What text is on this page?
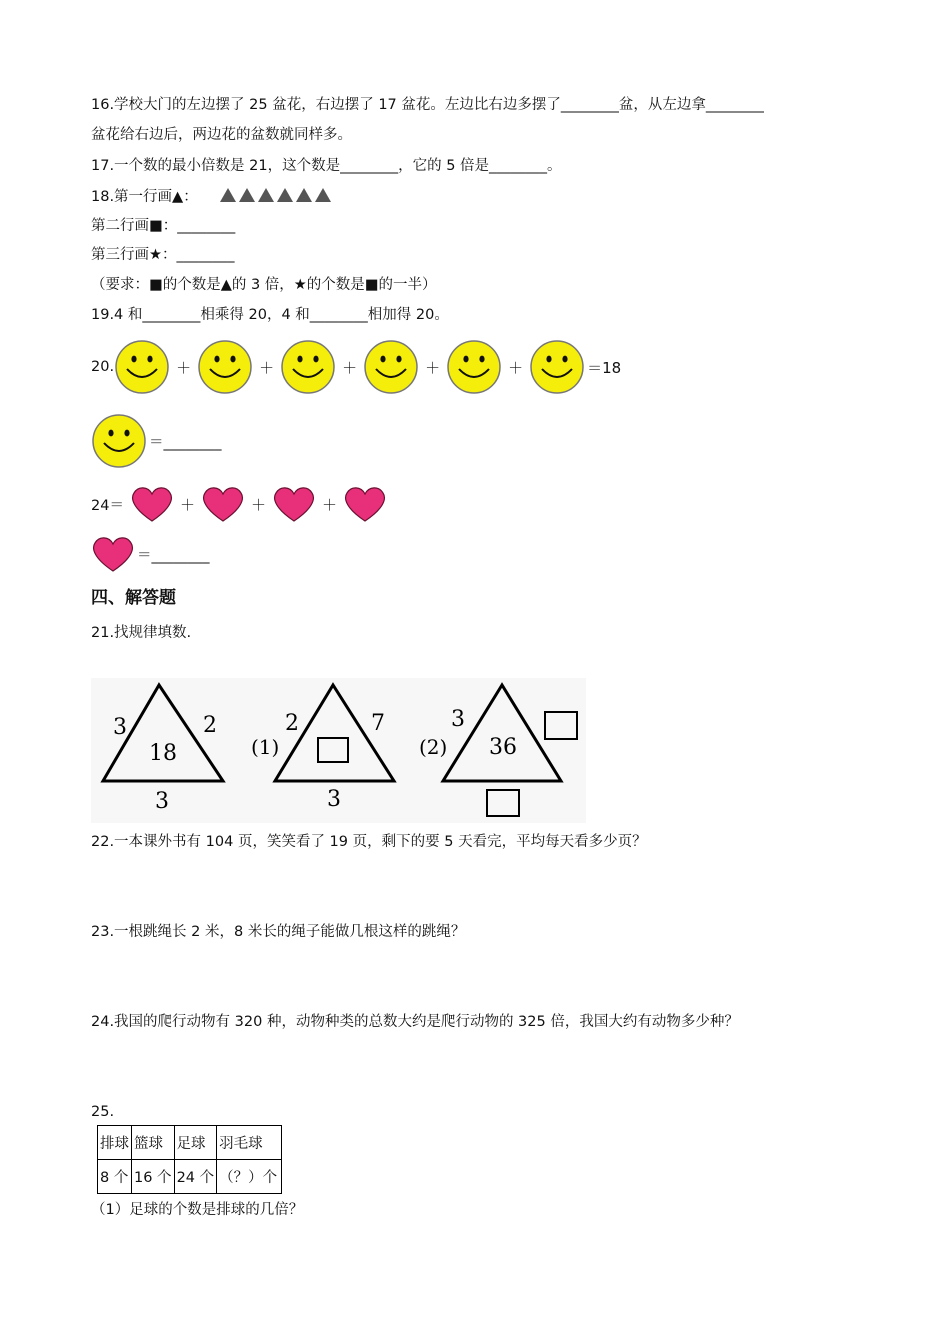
16.学校大门的左边摆了 25 盆花，右边摆了 17 盆花。左边比右边多摆了________盆，从左边拿________
盆花给右边后，两边花的盆数就同样多。
17.一个数的最小倍数是 21，这个数是________，它的 5 倍是________。
18.第一行画▲：
第二行画■：________
第三行画★：________
（要求：■的个数是▲的 3 倍，★的个数是■的一半）
19.4 和________相乘得 20，4 和________相加得 20。
20.	＋	＋	＋	＋	＋	＝18
＝________
24＝	＋	＋	＋
＝________
四、解答题
21.找规律填数.
3	2
18
3
(1)
2	7
3
(2)
3
36
22.一本课外书有 104 页，笑笑看了 19 页，剩下的要 5 天看完，平均每天看多少页？
23.一根跳绳长 2 米，8 米长的绳子能做几根这样的跳绳？
24.我国的爬行动物有 320 种，动物种类的总数大约是爬行动物的 325 倍，我国大约有动物多少种？
25.
排球	篮球	足球	羽毛球
8 个	16 个	24 个	（？）个
（1）足球的个数是排球的几倍？
